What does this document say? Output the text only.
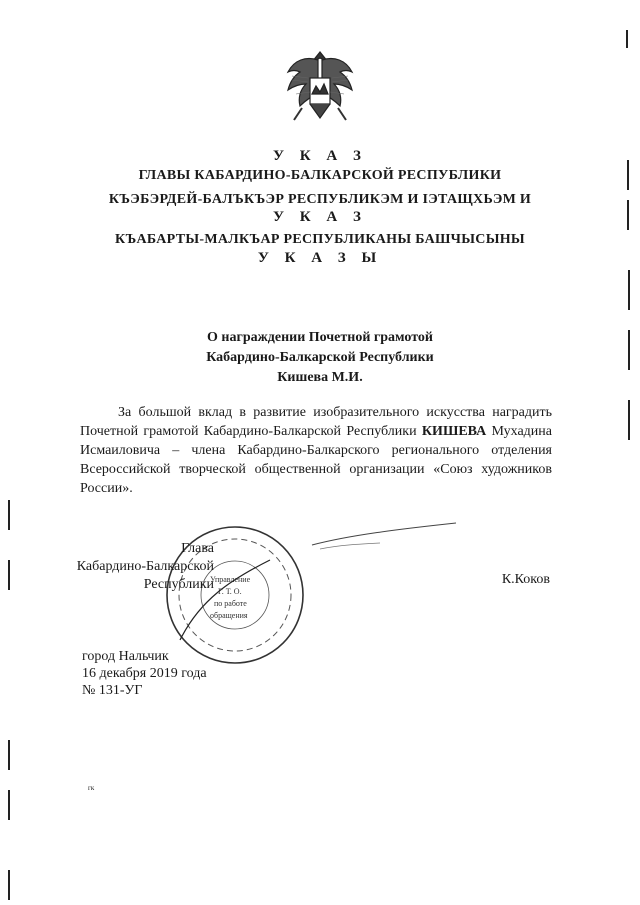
У К А З
ГЛАВЫ КАБАРДИНО-БАЛКАРСКОЙ РЕСПУБЛИКИ
КЪЭБЭРДЕЙ-БАЛЪКЪЭР РЕСПУБЛИКЭМ И ІЭТАЩХЬЭМ И
У К А З
КЪАБАРТЫ-МАЛКЪАР РЕСПУБЛИКАНЫ БАШЧЫСЫНЫ
У К А З Ы
О награждении Почетной грамотой
Кабардино-Балкарской Республики
Кишева М.И.
За большой вклад в развитие изобразительного искусства наградить Почетной грамотой Кабардино-Балкарской Республики КИШЕВА Мухадина Исмаиловича – члена Кабардино-Балкарского регионального отделения Всероссийской творческой общественной организации «Союз художников России».
Управление
Г. Т. О.
по работе
обращения
Глава
Кабардино-Балкарской
Республики	К.Коков
город Нальчик
16 декабря 2019 года
№ 131-УГ
гк
